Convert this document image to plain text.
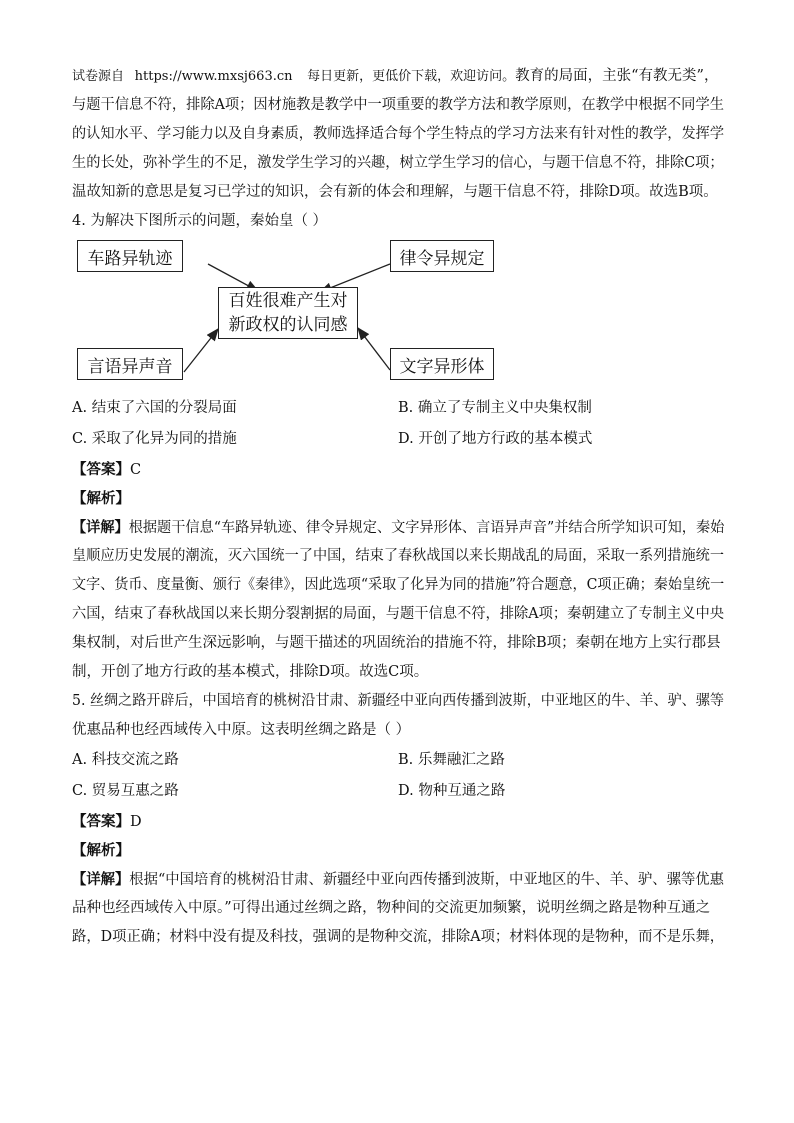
试卷源自 https://www.mxsj663.cn 每日更新，更低价下载，欢迎访问。教育的局面，主张“有教无类”，
与题干信息不符，排除A项；因材施教是教学中一项重要的教学方法和教学原则，在教学中根据不同学生
的认知水平、学习能力以及自身素质，教师选择适合每个学生特点的学习方法来有针对性的教学，发挥学
生的长处，弥补学生的不足，激发学生学习的兴趣，树立学生学习的信心，与题干信息不符，排除C项；
温故知新的意思是复习已学过的知识，会有新的体会和理解，与题干信息不符，排除D项。故选B项。
4. 为解决下图所示的问题，秦始皇（ ）
车路异轨迹	律令异规定
百姓很难产生对
新政权的认同感
言语异声音	文字异形体
A. 结束了六国的分裂局面	B. 确立了专制主义中央集权制
C. 采取了化异为同的措施	D. 开创了地方行政的基本模式
【答案】C
【解析】
【详解】根据题干信息“车路异轨迹、律令异规定、文字异形体、言语异声音”并结合所学知识可知，秦始
皇顺应历史发展的潮流，灭六国统一了中国，结束了春秋战国以来长期战乱的局面，采取一系列措施统一
文字、货币、度量衡、颁行《秦律》，因此选项“采取了化异为同的措施”符合题意，C项正确；秦始皇统一
六国，结束了春秋战国以来长期分裂割据的局面，与题干信息不符，排除A项；秦朝建立了专制主义中央
集权制，对后世产生深远影响，与题干描述的巩固统治的措施不符，排除B项；秦朝在地方上实行郡县
制，开创了地方行政的基本模式，排除D项。故选C项。
5. 丝绸之路开辟后，中国培育的桃树沿甘肃、新疆经中亚向西传播到波斯，中亚地区的牛、羊、驴、骡等
优惠品种也经西域传入中原。这表明丝绸之路是（ ）
A. 科技交流之路	B. 乐舞融汇之路
C. 贸易互惠之路	D. 物种互通之路
【答案】D
【解析】
【详解】根据“中国培育的桃树沿甘肃、新疆经中亚向西传播到波斯，中亚地区的牛、羊、驴、骡等优惠
品种也经西域传入中原。”可得出通过丝绸之路，物种间的交流更加频繁，说明丝绸之路是物种互通之
路，D项正确；材料中没有提及科技，强调的是物种交流，排除A项；材料体现的是物种，而不是乐舞，
